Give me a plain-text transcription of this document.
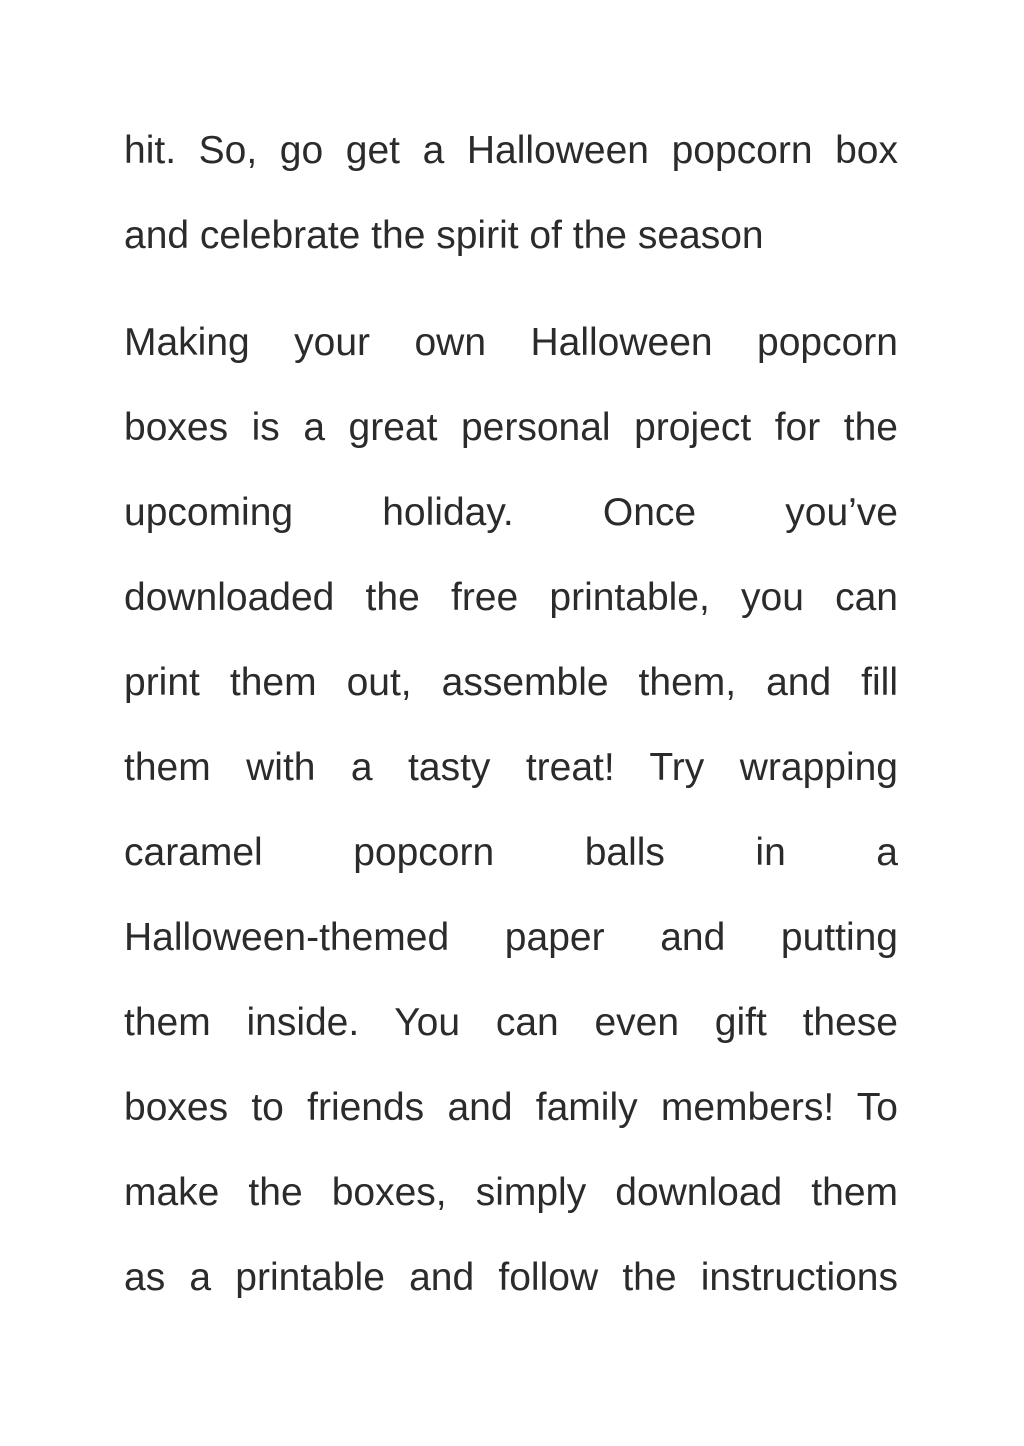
hit. So, go get a Halloween popcorn box
and celebrate the spirit of the season
Making your own Halloween popcorn
boxes is a great personal project for the
upcoming holiday. Once you’ve
downloaded the free printable, you can
print them out, assemble them, and fill
them with a tasty treat! Try wrapping
caramel popcorn balls in a
Halloween-themed paper and putting
them inside. You can even gift these
boxes to friends and family members! To
make the boxes, simply download them
as a printable and follow the instructions
